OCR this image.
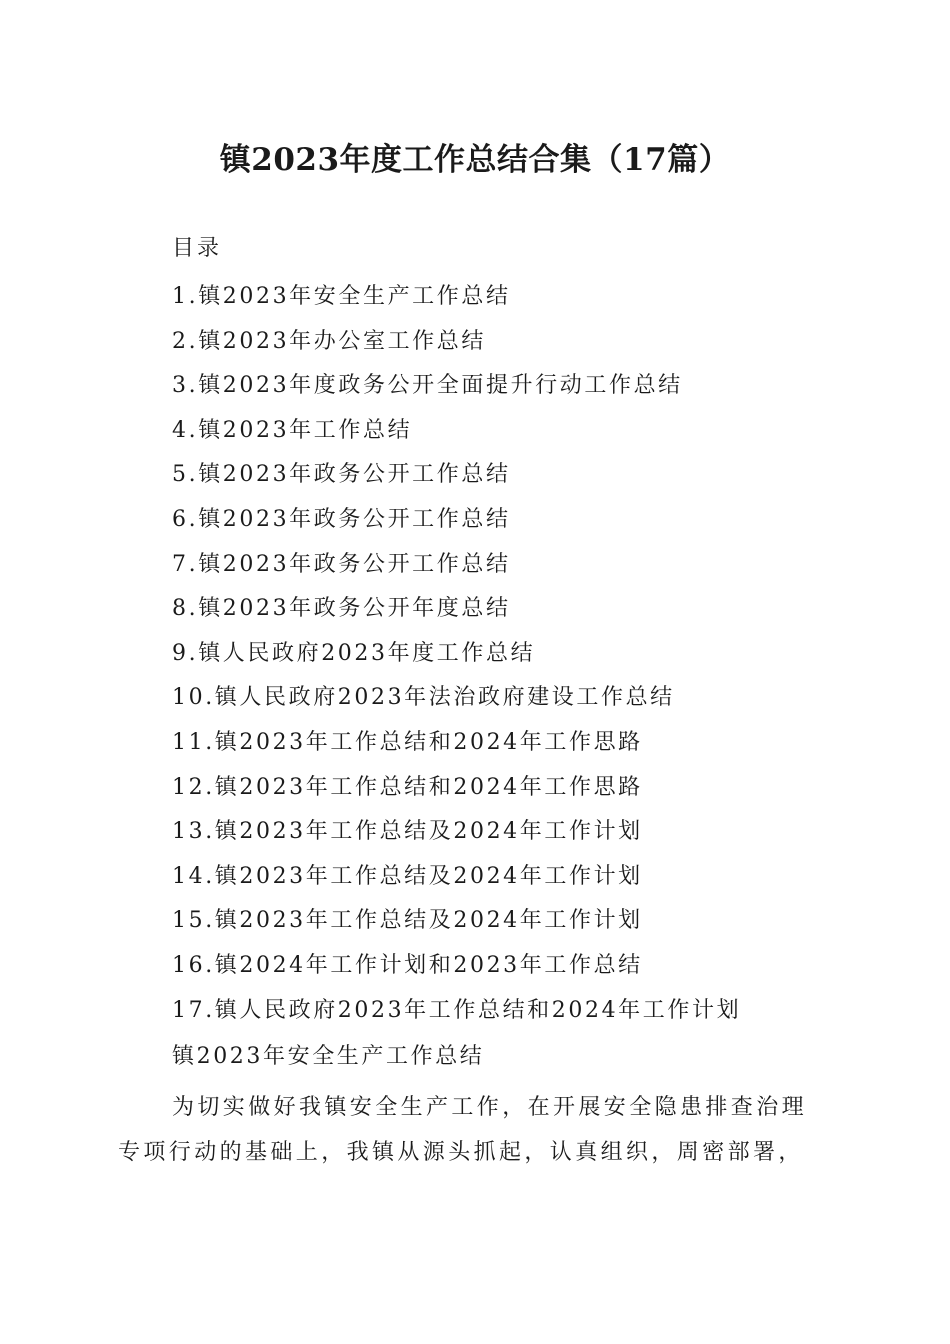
镇2023年度工作总结合集（17篇）
目录
1.镇2023年安全生产工作总结
2.镇2023年办公室工作总结
3.镇2023年度政务公开全面提升行动工作总结
4.镇2023年工作总结
5.镇2023年政务公开工作总结
6.镇2023年政务公开工作总结
7.镇2023年政务公开工作总结
8.镇2023年政务公开年度总结
9.镇人民政府2023年度工作总结
10.镇人民政府2023年法治政府建设工作总结
11.镇2023年工作总结和2024年工作思路
12.镇2023年工作总结和2024年工作思路
13.镇2023年工作总结及2024年工作计划
14.镇2023年工作总结及2024年工作计划
15.镇2023年工作总结及2024年工作计划
16.镇2024年工作计划和2023年工作总结
17.镇人民政府2023年工作总结和2024年工作计划
镇2023年安全生产工作总结

为切实做好我镇安全生产工作，在开展安全隐患排查治理专项行动的基础上，我镇从源头抓起，认真组织，周密部署，
